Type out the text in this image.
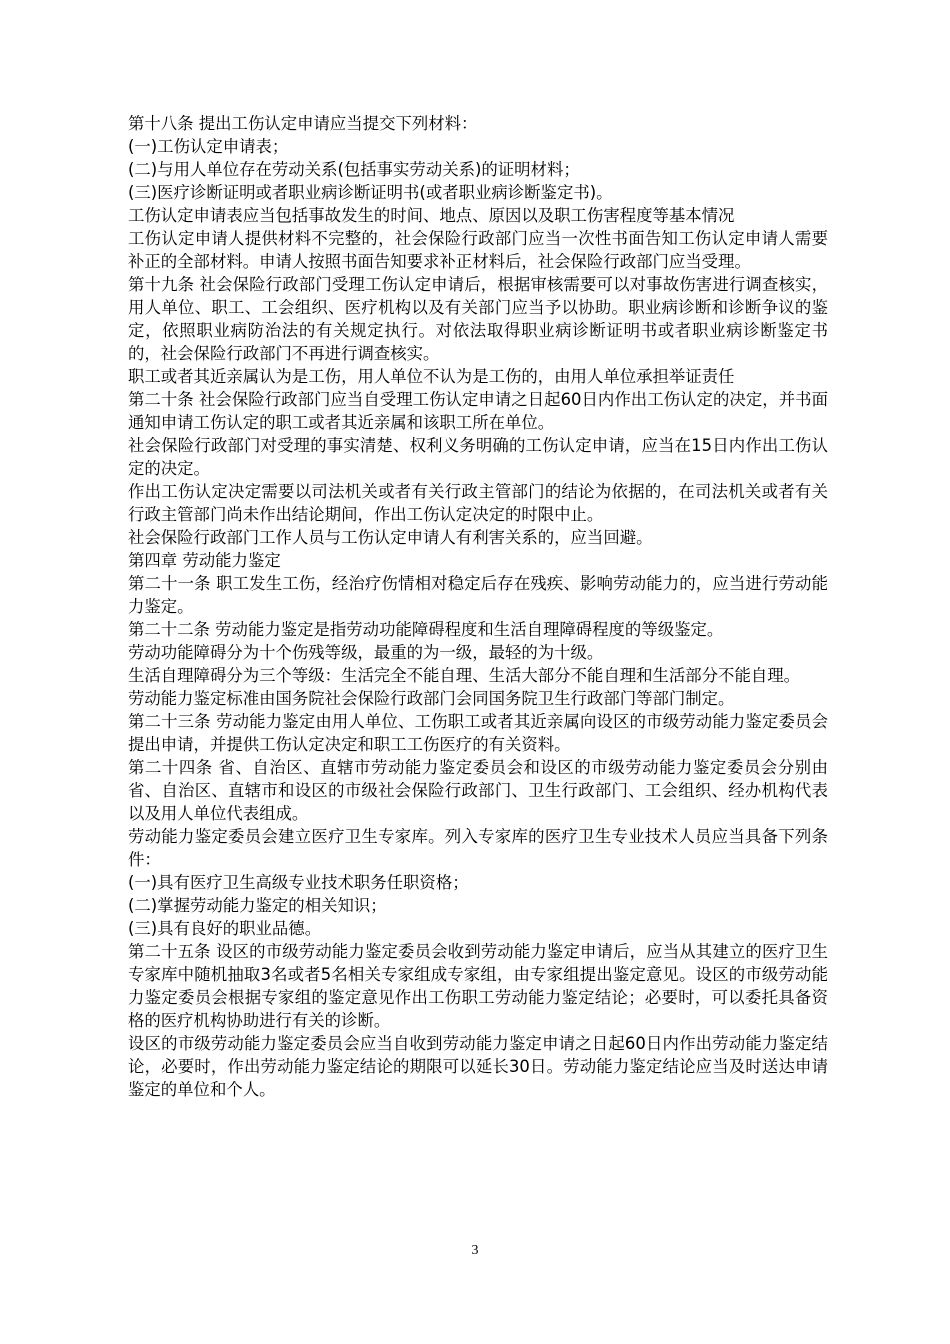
第十八条 提出工伤认定申请应当提交下列材料：

(一)工伤认定申请表；

(二)与用人单位存在劳动关系(包括事实劳动关系)的证明材料；

(三)医疗诊断证明或者职业病诊断证明书(或者职业病诊断鉴定书)。

工伤认定申请表应当包括事故发生的时间、地点、原因以及职工伤害程度等基本情况

工伤认定申请人提供材料不完整的，社会保险行政部门应当一次性书面告知工伤认定申请人需要补正的全部材料。申请人按照书面告知要求补正材料后，社会保险行政部门应当受理。

第十九条 社会保险行政部门受理工伤认定申请后，根据审核需要可以对事故伤害进行调查核实，用人单位、职工、工会组织、医疗机构以及有关部门应当予以协助。职业病诊断和诊断争议的鉴定，依照职业病防治法的有关规定执行。对依法取得职业病诊断证明书或者职业病诊断鉴定书的，社会保险行政部门不再进行调查核实。

职工或者其近亲属认为是工伤，用人单位不认为是工伤的，由用人单位承担举证责任

第二十条 社会保险行政部门应当自受理工伤认定申请之日起60日内作出工伤认定的决定，并书面通知申请工伤认定的职工或者其近亲属和该职工所在单位。

社会保险行政部门对受理的事实清楚、权利义务明确的工伤认定申请，应当在15日内作出工伤认定的决定。

作出工伤认定决定需要以司法机关或者有关行政主管部门的结论为依据的，在司法机关或者有关行政主管部门尚未作出结论期间，作出工伤认定决定的时限中止。

社会保险行政部门工作人员与工伤认定申请人有利害关系的，应当回避。

第四章 劳动能力鉴定

第二十一条 职工发生工伤，经治疗伤情相对稳定后存在残疾、影响劳动能力的，应当进行劳动能力鉴定。

第二十二条 劳动能力鉴定是指劳动功能障碍程度和生活自理障碍程度的等级鉴定。

劳动功能障碍分为十个伤残等级，最重的为一级，最轻的为十级。

生活自理障碍分为三个等级：生活完全不能自理、生活大部分不能自理和生活部分不能自理。

劳动能力鉴定标准由国务院社会保险行政部门会同国务院卫生行政部门等部门制定。

第二十三条 劳动能力鉴定由用人单位、工伤职工或者其近亲属向设区的市级劳动能力鉴定委员会提出申请，并提供工伤认定决定和职工工伤医疗的有关资料。

第二十四条 省、自治区、直辖市劳动能力鉴定委员会和设区的市级劳动能力鉴定委员会分别由省、自治区、直辖市和设区的市级社会保险行政部门、卫生行政部门、工会组织、经办机构代表以及用人单位代表组成。

劳动能力鉴定委员会建立医疗卫生专家库。列入专家库的医疗卫生专业技术人员应当具备下列条件：

(一)具有医疗卫生高级专业技术职务任职资格；

(二)掌握劳动能力鉴定的相关知识；

(三)具有良好的职业品德。

第二十五条 设区的市级劳动能力鉴定委员会收到劳动能力鉴定申请后，应当从其建立的医疗卫生专家库中随机抽取3名或者5名相关专家组成专家组，由专家组提出鉴定意见。设区的市级劳动能力鉴定委员会根据专家组的鉴定意见作出工伤职工劳动能力鉴定结论；必要时，可以委托具备资格的医疗机构协助进行有关的诊断。

设区的市级劳动能力鉴定委员会应当自收到劳动能力鉴定申请之日起60日内作出劳动能力鉴定结论，必要时，作出劳动能力鉴定结论的期限可以延长30日。劳动能力鉴定结论应当及时送达申请鉴定的单位和个人。

3
